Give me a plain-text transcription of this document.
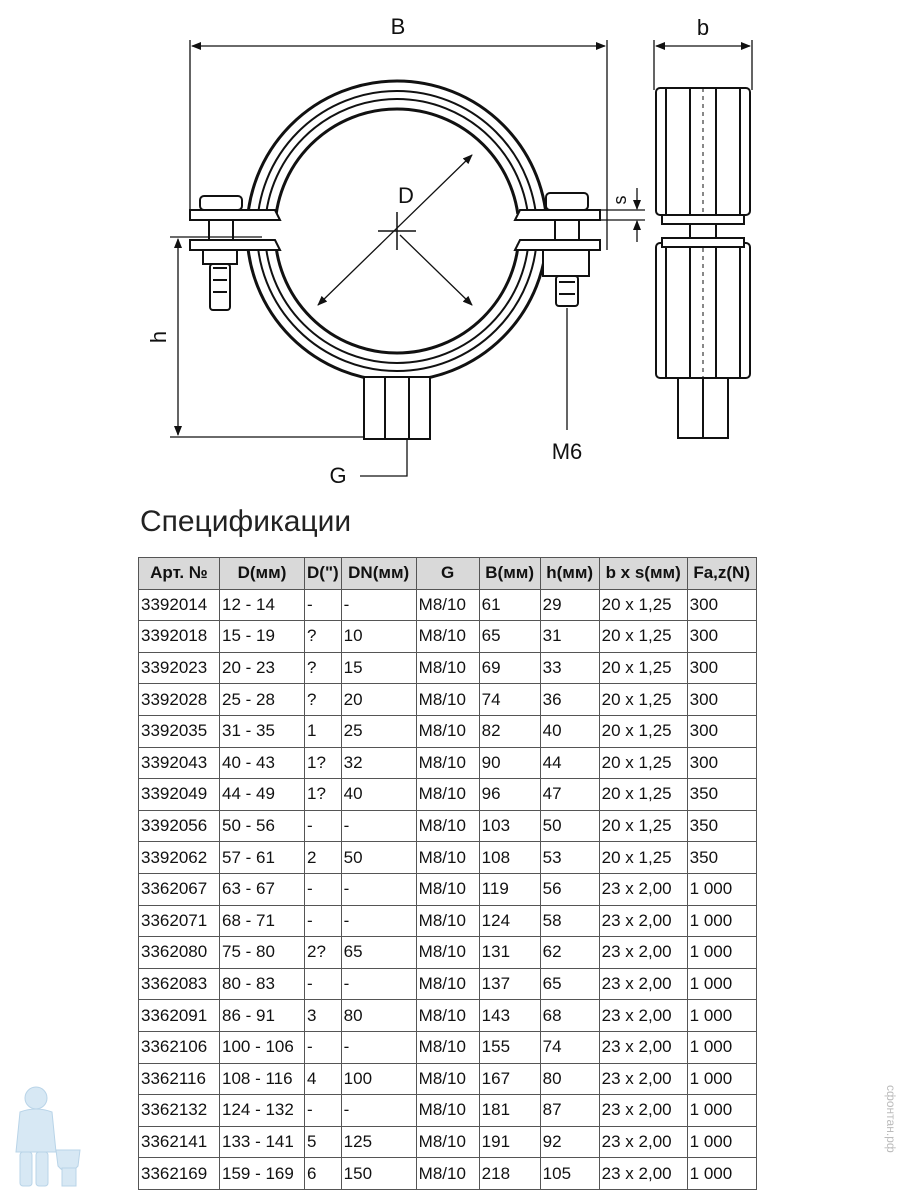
B
D
h
G
M6
s
b
Спецификации
Арт. №	D(мм)	D(")	DN(мм)	G	B(мм)	h(мм)	b x s(мм)	Fa,z(N)
3392014	12 - 14	-	-	M8/10	61	29	20 x 1,25	300
3392018	15 - 19	?	10	M8/10	65	31	20 x 1,25	300
3392023	20 - 23	?	15	M8/10	69	33	20 x 1,25	300
3392028	25 - 28	?	20	M8/10	74	36	20 x 1,25	300
3392035	31 - 35	1	25	M8/10	82	40	20 x 1,25	300
3392043	40 - 43	1?	32	M8/10	90	44	20 x 1,25	300
3392049	44 - 49	1?	40	M8/10	96	47	20 x 1,25	350
3392056	50 - 56	-	-	M8/10	103	50	20 x 1,25	350
3392062	57 - 61	2	50	M8/10	108	53	20 x 1,25	350
3362067	63 - 67	-	-	M8/10	119	56	23 x 2,00	1 000
3362071	68 - 71	-	-	M8/10	124	58	23 x 2,00	1 000
3362080	75 - 80	2?	65	M8/10	131	62	23 x 2,00	1 000
3362083	80 - 83	-	-	M8/10	137	65	23 x 2,00	1 000
3362091	86 - 91	3	80	M8/10	143	68	23 x 2,00	1 000
3362106	100 - 106	-	-	M8/10	155	74	23 x 2,00	1 000
3362116	108 - 116	4	100	M8/10	167	80	23 x 2,00	1 000
3362132	124 - 132	-	-	M8/10	181	87	23 x 2,00	1 000
3362141	133 - 141	5	125	M8/10	191	92	23 x 2,00	1 000
3362169	159 - 169	6	150	M8/10	218	105	23 x 2,00	1 000
сфонтан.рф
